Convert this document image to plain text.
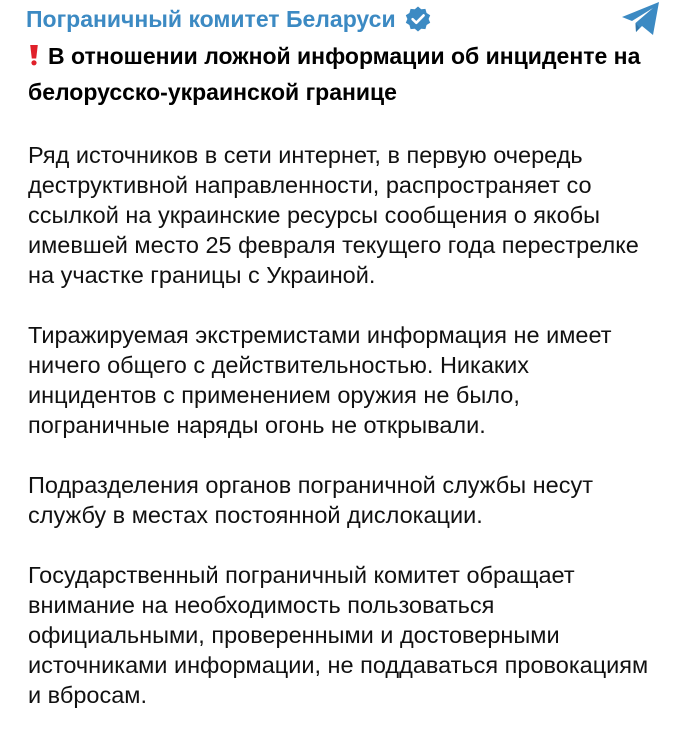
Пограничный комитет Беларуси

В отношении ложной информации об инциденте на белорусско-украинской границе

Ряд источников в сети интернет, в первую очередь деструктивной направленности, распространяет со ссылкой на украинские ресурсы сообщения о якобы имевшей место 25 февраля текущего года перестрелке на участке границы с Украиной.

Тиражируемая экстремистами информация не имеет ничего общего с действительностью. Никаких инцидентов с применением оружия не было, пограничные наряды огонь не открывали.

Подразделения органов пограничной службы несут службу в местах постоянной дислокации.

Государственный пограничный комитет обращает внимание на необходимость пользоваться официальными, проверенными и достоверными источниками информации, не поддаваться провокациям и вбросам.
